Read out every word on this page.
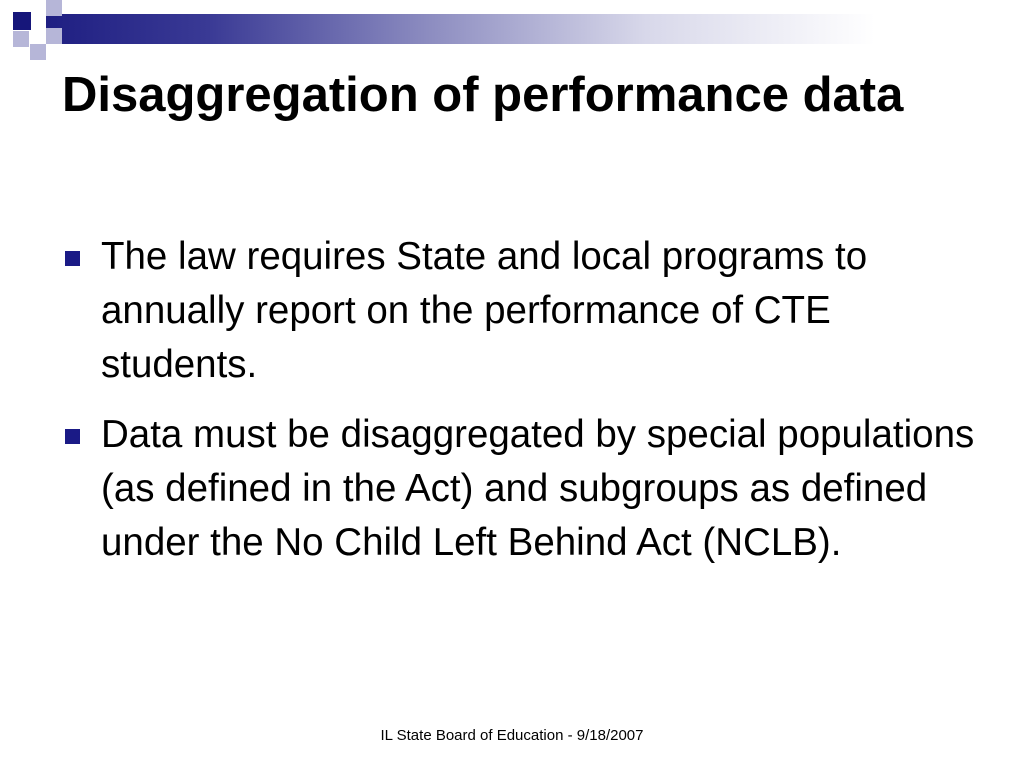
Disaggregation of performance data
The law requires State and local programs to annually report on the performance of CTE students.
Data must be disaggregated by special populations (as defined in the Act) and subgroups as defined under the No Child Left Behind Act (NCLB).
IL State Board of Education - 9/18/2007
